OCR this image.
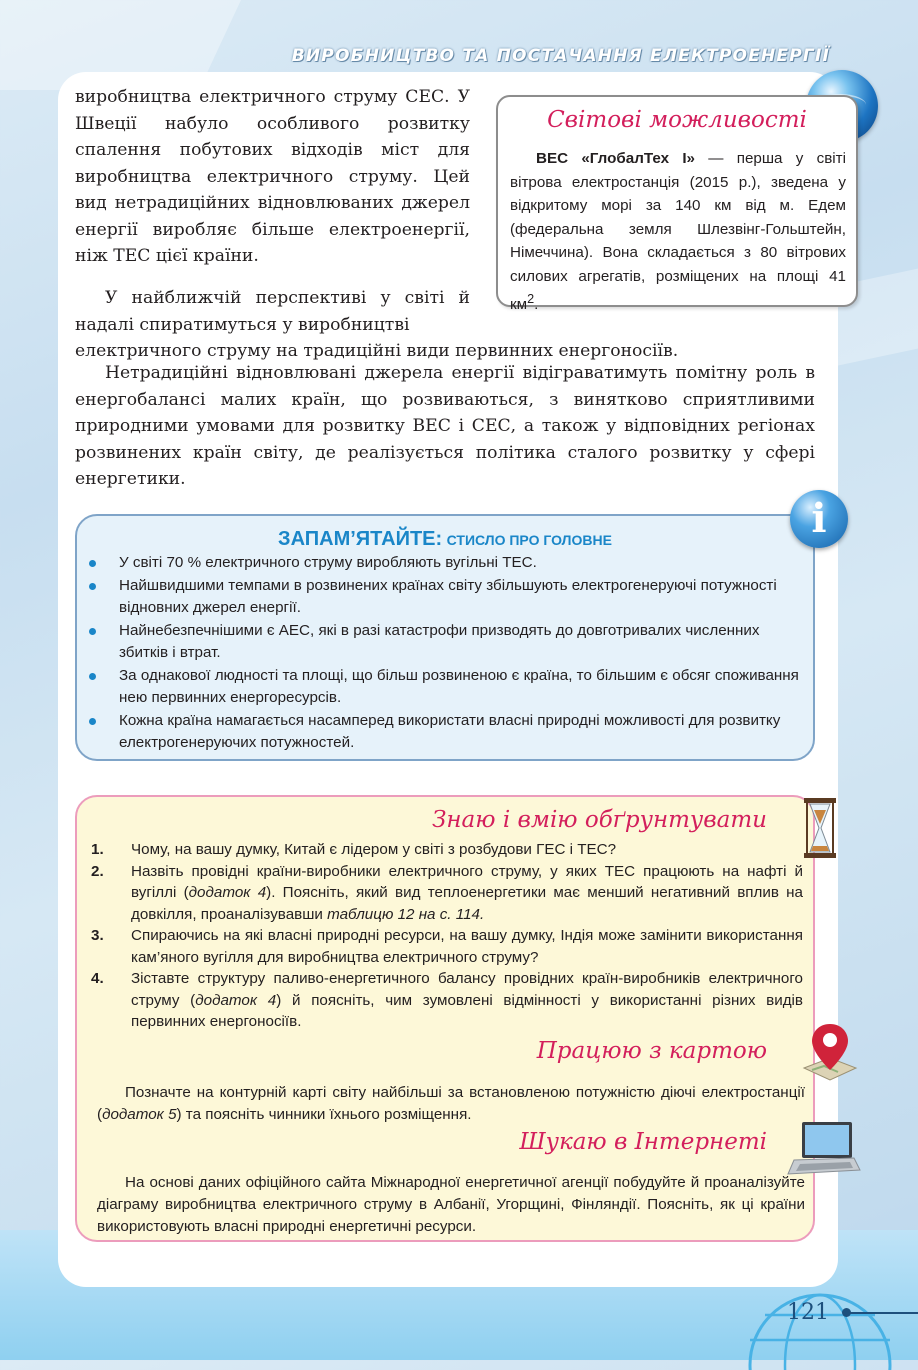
ВИРОБНИЦТВО ТА ПОСТАЧАННЯ ЕЛЕКТРОЕНЕРГІЇ

виробництва електричного струму СЕС. У Швеції набуло особливого розвитку спалення побутових відходів міст для виробництва електричного струму. Цей вид нетрадиційних відновлюваних джерел енергії виробляє більше електроенергії, ніж ТЕС цієї країни.

У найближчій перспективі у світі й надалі спиратимуться у виробництві

електричного струму на традиційні види первинних енергоносіїв.

Нетрадиційні відновлювані джерела енергії відіграватимуть помітну роль в енергобалансі малих країн, що розвиваються, з винятково сприятливими природними умовами для розвитку ВЕС і СЕС, а також у відповідних регіонах розвинених країн світу, де реалізується політика сталого розвитку у сфері енергетики.

Світові можливості

ВЕС «ГлобалТех І» — перша у світі вітрова електростанція (2015 р.), зведена у відкритому морі за 140 км від м. Едем (федеральна земля Шлезвінг-Гольштейн, Німеччина). Вона складається з 80 вітрових силових агрегатів, розміщених на площі 41 $км^2$.

ЗАПАМ’ЯТАЙТЕ: СТИСЛО ПРО ГОЛОВНЕ
У світі 70 % електричного струму виробляють вугільні ТЕС.
Найшвидшими темпами в розвинених країнах світу збільшують електрогенеруючі потужності відновних джерел енергії.
Найнебезпечнішими є АЕС, які в разі катастрофи призводять до довготривалих численних збитків і втрат.
За однакової людності та площі, що більш розвиненою є країна, то більшим є обсяг споживання нею первинних енергоресурсів.
Кожна країна намагається насамперед використати власні природні можливості для розвитку електрогенеруючих потужностей.
i
Знаю і вмію обґрунтувати
1. Чому, на вашу думку, Китай є лідером у світі з розбудови ГЕС і ТЕС?
2. Назвіть провідні країни-виробники електричного струму, у яких ТЕС працюють на нафті й вугіллі (додаток 4). Поясніть, який вид теплоенергетики має менший негативний вплив на довкілля, проаналізувавши таблицю 12 на с. 114.
3. Спираючись на які власні природні ресурси, на вашу думку, Індія може замінити використання кам’яного вугілля для виробництва електричного струму?
4. Зіставте структуру паливо-енергетичного балансу провідних країн-виробників електричного струму (додаток 4) й поясніть, чим зумовлені відмінності у використанні різних видів первинних енергоносіїв.
Працюю з картою

Позначте на контурній карті світу найбільші за встановленою потужністю діючі електростанції (додаток 5) та поясніть чинники їхнього розміщення.

Шукаю в Інтернеті

На основі даних офіційного сайта Міжнародної енергетичної агенції побудуйте й проаналізуйте діаграму виробництва електричного струму в Албанії, Угорщині, Фінляндії. Поясніть, як ці країни використовують власні природні енергетичні ресурси.

121
